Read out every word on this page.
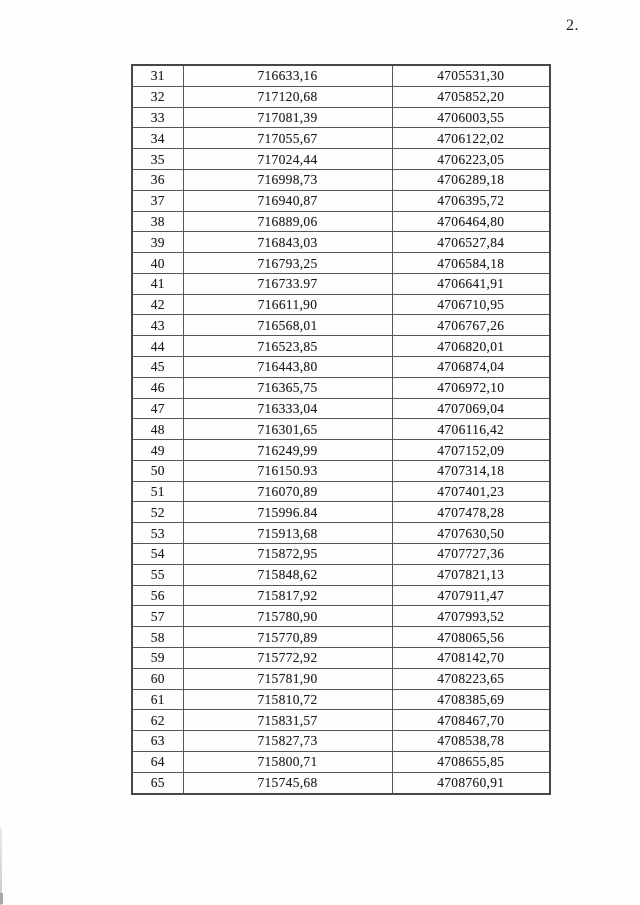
2.
31	716633,16	4705531,30
32	717120,68	4705852,20
33	717081,39	4706003,55
34	717055,67	4706122,02
35	717024,44	4706223,05
36	716998,73	4706289,18
37	716940,87	4706395,72
38	716889,06	4706464,80
39	716843,03	4706527,84
40	716793,25	4706584,18
41	716733.97	4706641,91
42	716611,90	4706710,95
43	716568,01	4706767,26
44	716523,85	4706820,01
45	716443,80	4706874,04
46	716365,75	4706972,10
47	716333,04	4707069,04
48	716301,65	4706116,42
49	716249,99	4707152,09
50	716150.93	4707314,18
51	716070,89	4707401,23
52	715996.84	4707478,28
53	715913,68	4707630,50
54	715872,95	4707727,36
55	715848,62	4707821,13
56	715817,92	4707911,47
57	715780,90	4707993,52
58	715770,89	4708065,56
59	715772,92	4708142,70
60	715781,90	4708223,65
61	715810,72	4708385,69
62	715831,57	4708467,70
63	715827,73	4708538,78
64	715800,71	4708655,85
65	715745,68	4708760,91
